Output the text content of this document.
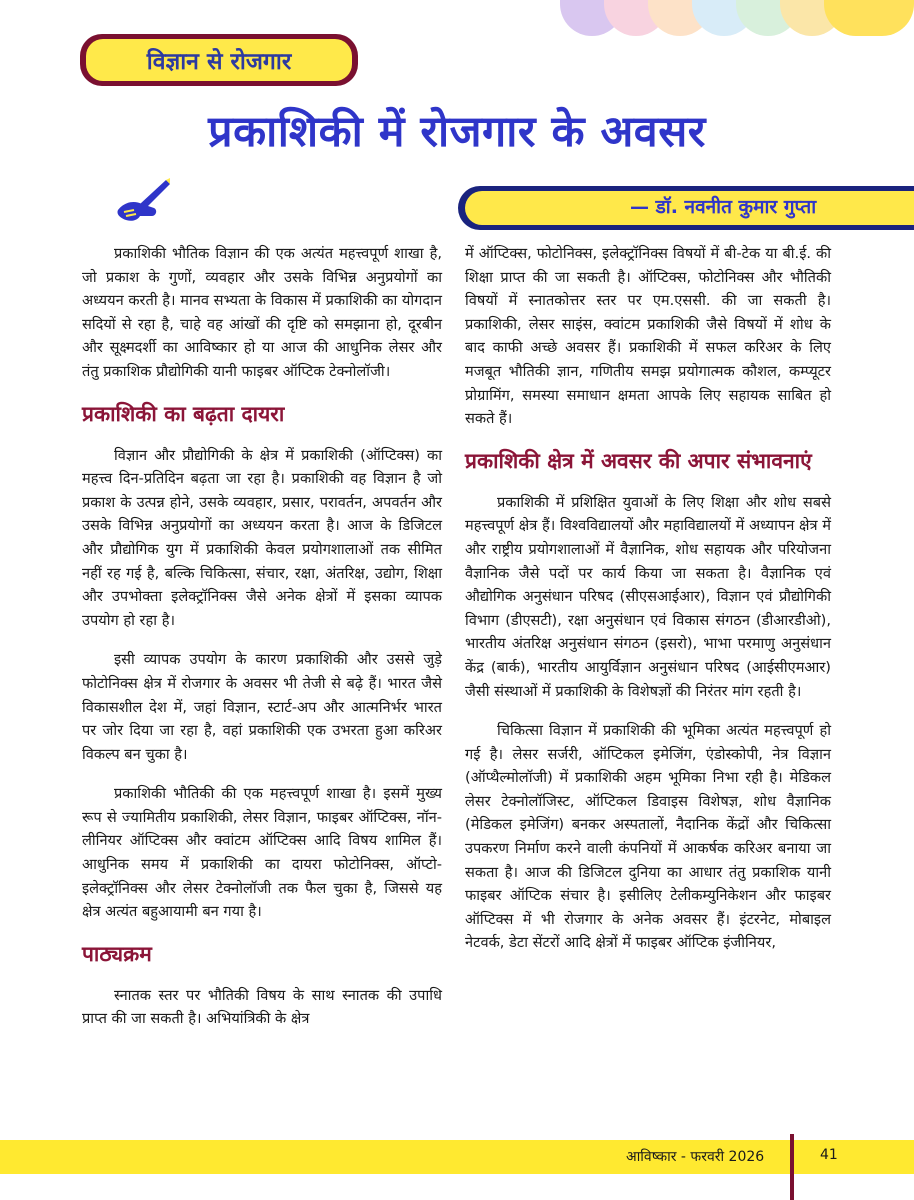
विज्ञान से रोजगार
प्रकाशिकी में रोजगार के अवसर
— डॉ. नवनीत कुमार गुप्ता

प्रकाशिकी भौतिक विज्ञान की एक अत्यंत महत्त्वपूर्ण शाखा है, जो प्रकाश के गुणों, व्यवहार और उसके विभिन्न अनुप्रयोगों का अध्ययन करती है। मानव सभ्यता के विकास में प्रकाशिकी का योगदान सदियों से रहा है, चाहे वह आंखों की दृष्टि को समझाना हो, दूरबीन और सूक्ष्मदर्शी का आविष्कार हो या आज की आधुनिक लेसर और तंतु प्रकाशिक प्रौद्योगिकी यानी फाइबर ऑप्टिक टेक्नोलॉजी।

प्रकाशिकी का बढ़ता दायरा

विज्ञान और प्रौद्योगिकी के क्षेत्र में प्रकाशिकी (ऑप्टिक्स) का महत्त्व दिन-प्रतिदिन बढ़ता जा रहा है। प्रकाशिकी वह विज्ञान है जो प्रकाश के उत्पन्न होने, उसके व्यवहार, प्रसार, परावर्तन, अपवर्तन और उसके विभिन्न अनुप्रयोगों का अध्ययन करता है। आज के डिजिटल और प्रौद्योगिक युग में प्रकाशिकी केवल प्रयोगशालाओं तक सीमित नहीं रह गई है, बल्कि चिकित्सा, संचार, रक्षा, अंतरिक्ष, उद्योग, शिक्षा और उपभोक्ता इलेक्ट्रॉनिक्स जैसे अनेक क्षेत्रों में इसका व्यापक उपयोग हो रहा है।

इसी व्यापक उपयोग के कारण प्रकाशिकी और उससे जुड़े फोटोनिक्स क्षेत्र में रोजगार के अवसर भी तेजी से बढ़े हैं। भारत जैसे विकासशील देश में, जहां विज्ञान, स्टार्ट-अप और आत्मनिर्भर भारत पर जोर दिया जा रहा है, वहां प्रकाशिकी एक उभरता हुआ करिअर विकल्प बन चुका है।

प्रकाशिकी भौतिकी की एक महत्त्वपूर्ण शाखा है। इसमें मुख्य रूप से ज्यामितीय प्रकाशिकी, लेसर विज्ञान, फाइबर ऑप्टिक्स, नॉन-लीनियर ऑप्टिक्स और क्वांटम ऑप्टिक्स आदि विषय शामिल हैं। आधुनिक समय में प्रकाशिकी का दायरा फोटोनिक्स, ऑप्टो-इलेक्ट्रॉनिक्स और लेसर टेक्नोलॉजी तक फैल चुका है, जिससे यह क्षेत्र अत्यंत बहुआयामी बन गया है।

पाठ्यक्रम

स्नातक स्तर पर भौतिकी विषय के साथ स्नातक की उपाधि प्राप्त की जा सकती है। अभियांत्रिकी के क्षेत्र

में ऑप्टिक्स, फोटोनिक्स, इलेक्ट्रॉनिक्स विषयों में बी-टेक या बी.ई. की शिक्षा प्राप्त की जा सकती है। ऑप्टिक्स, फोटोनिक्स और भौतिकी विषयों में स्नातकोत्तर स्तर पर एम.एससी. की जा सकती है। प्रकाशिकी, लेसर साइंस, क्वांटम प्रकाशिकी जैसे विषयों में शोध के बाद काफी अच्छे अवसर हैं। प्रकाशिकी में सफल करिअर के लिए मजबूत भौतिकी ज्ञान, गणितीय समझ प्रयोगात्मक कौशल, कम्प्यूटर प्रोग्रामिंग, समस्या समाधान क्षमता आपके लिए सहायक साबित हो सकते हैं।

प्रकाशिकी क्षेत्र में अवसर की अपार संभावनाएं

प्रकाशिकी में प्रशिक्षित युवाओं के लिए शिक्षा और शोध सबसे महत्त्वपूर्ण क्षेत्र हैं। विश्वविद्यालयों और महाविद्यालयों में अध्यापन क्षेत्र में और राष्ट्रीय प्रयोगशालाओं में वैज्ञानिक, शोध सहायक और परियोजना वैज्ञानिक जैसे पदों पर कार्य किया जा सकता है। वैज्ञानिक एवं औद्योगिक अनुसंधान परिषद (सीएसआईआर), विज्ञान एवं प्रौद्योगिकी विभाग (डीएसटी), रक्षा अनुसंधान एवं विकास संगठन (डीआरडीओ), भारतीय अंतरिक्ष अनुसंधान संगठन (इसरो), भाभा परमाणु अनुसंधान केंद्र (बार्क), भारतीय आयुर्विज्ञान अनुसंधान परिषद (आईसीएमआर) जैसी संस्थाओं में प्रकाशिकी के विशेषज्ञों की निरंतर मांग रहती है।

चिकित्सा विज्ञान में प्रकाशिकी की भूमिका अत्यंत महत्त्वपूर्ण हो गई है। लेसर सर्जरी, ऑप्टिकल इमेजिंग, एंडोस्कोपी, नेत्र विज्ञान (ऑप्थैल्मोलॉजी) में प्रकाशिकी अहम भूमिका निभा रही है। मेडिकल लेसर टेक्नोलॉजिस्ट, ऑप्टिकल डिवाइस विशेषज्ञ, शोध वैज्ञानिक (मेडिकल इमेजिंग) बनकर अस्पतालों, नैदानिक केंद्रों और चिकित्सा उपकरण निर्माण करने वाली कंपनियों में आकर्षक करिअर बनाया जा सकता है। आज की डिजिटल दुनिया का आधार तंतु प्रकाशिक यानी फाइबर ऑप्टिक संचार है। इसीलिए टेलीकम्युनिकेशन और फाइबर ऑप्टिक्स में भी रोजगार के अनेक अवसर हैं। इंटरनेट, मोबाइल नेटवर्क, डेटा सेंटरों आदि क्षेत्रों में फाइबर ऑप्टिक इंजीनियर,

आविष्कार - फरवरी 2026	41
